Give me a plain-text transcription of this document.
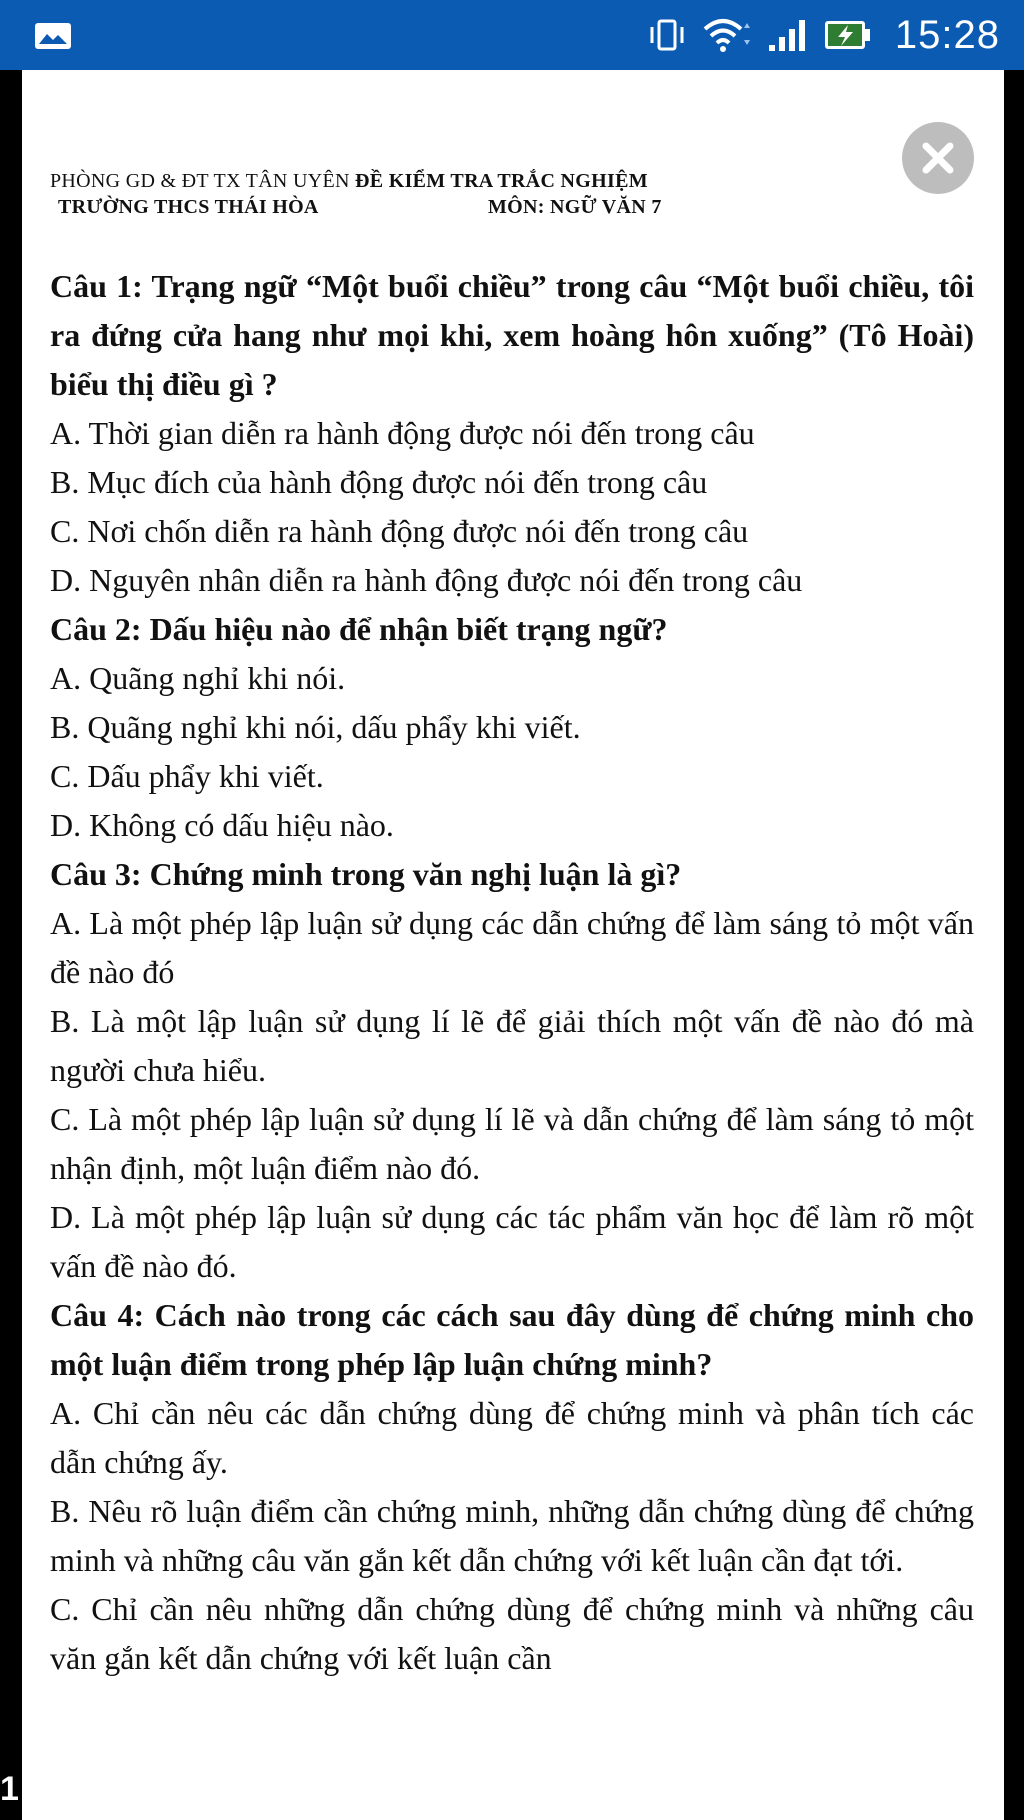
15:28
PHÒNG GD & ĐT TX TÂN UYÊN ĐỀ KIỂM TRA TRẮC NGHIỆM
TRƯỜNG THCS THÁI HÒA	MÔN: NGỮ VĂN 7
Câu 1: Trạng ngữ “Một buổi chiều” trong câu “Một buổi chiều, tôi ra đứng cửa hang như mọi khi, xem hoàng hôn xuống” (Tô Hoài) biểu thị điều gì ?
A. Thời gian diễn ra hành động được nói đến trong câu
B. Mục đích của hành động được nói đến trong câu
C. Nơi chốn diễn ra hành động được nói đến trong câu
D. Nguyên nhân diễn ra hành động được nói đến trong câu
Câu 2: Dấu hiệu nào để nhận biết trạng ngữ?
A. Quãng nghỉ khi nói.
B. Quãng nghỉ khi nói, dấu phẩy khi viết.
C. Dấu phẩy khi viết.
D. Không có dấu hiệu nào.
Câu 3: Chứng minh trong văn nghị luận là gì?
A. Là một phép lập luận sử dụng các dẫn chứng để làm sáng tỏ một vấn đề nào đó
B. Là một lập luận sử dụng lí lẽ để giải thích một vấn đề nào đó mà người chưa hiểu.
C. Là một phép lập luận sử dụng lí lẽ và dẫn chứng để làm sáng tỏ một nhận định, một luận điểm nào đó.
D. Là một phép lập luận sử dụng các tác phẩm văn học để làm rõ một vấn đề nào đó.
Câu 4: Cách nào trong các cách sau đây dùng để chứng minh cho một luận điểm trong phép lập luận chứng minh?
A. Chỉ cần nêu các dẫn chứng dùng để chứng minh và phân tích các dẫn chứng ấy.
B. Nêu rõ luận điểm cần chứng minh, những dẫn chứng dùng để chứng minh và những câu văn gắn kết dẫn chứng với kết luận cần đạt tới.
C. Chỉ cần nêu những dẫn chứng dùng để chứng minh và những câu văn gắn kết dẫn chứng với kết luận cần
1
